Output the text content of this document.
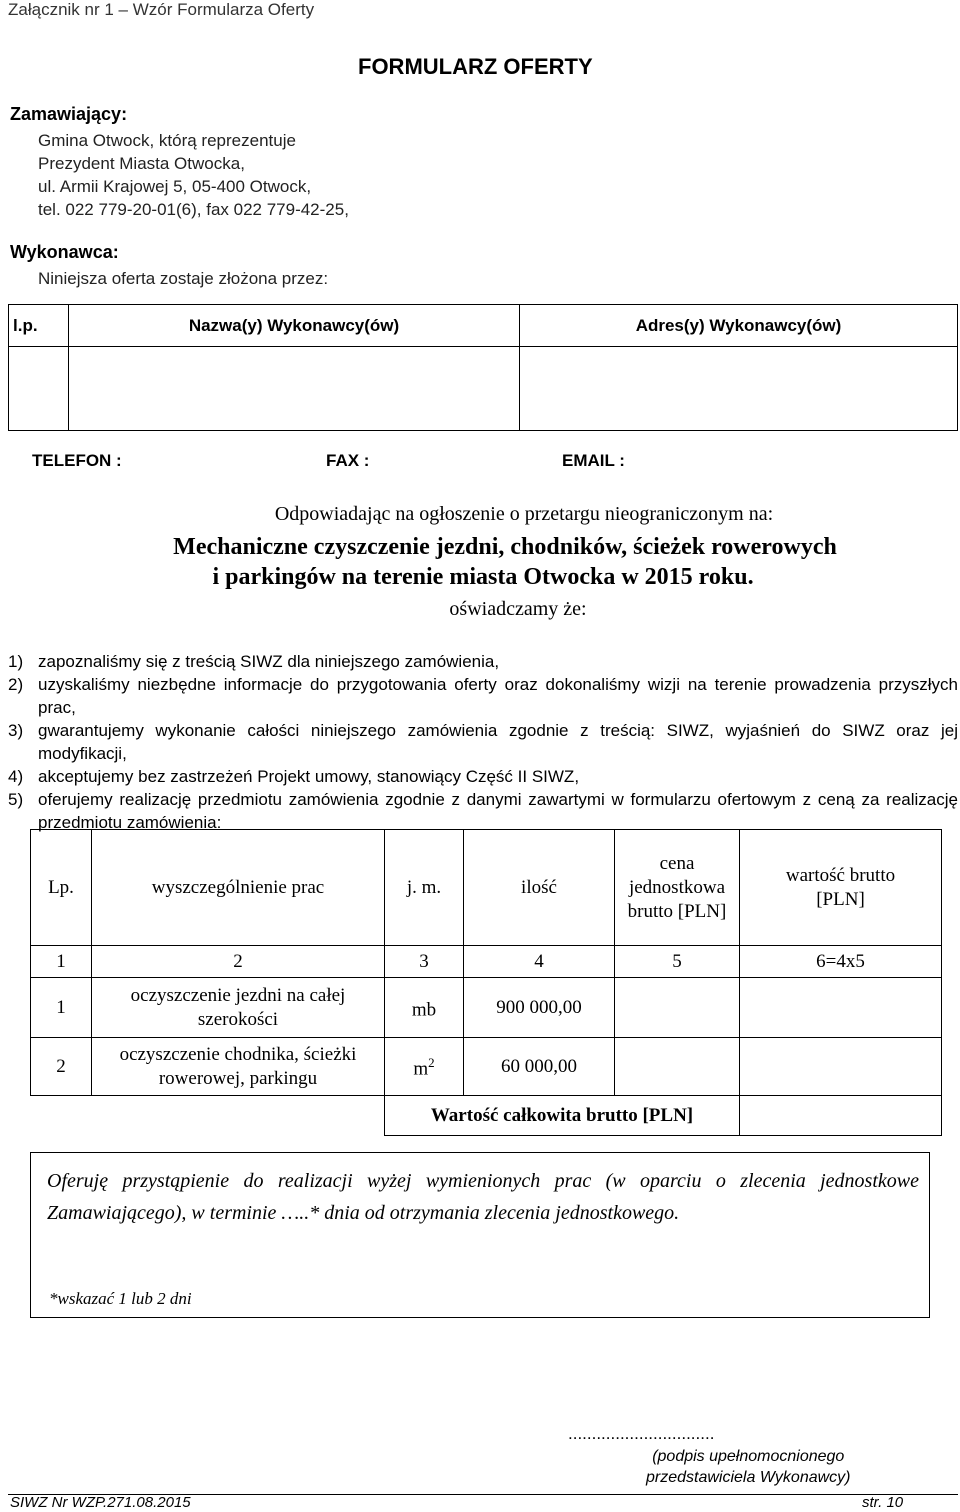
Załącznik nr 1 – Wzór Formularza Oferty
FORMULARZ OFERTY
Zamawiający:
Gmina Otwock, którą reprezentuje
Prezydent Miasta Otwocka,
ul. Armii Krajowej 5, 05-400 Otwock,
tel. 022 779-20-01(6), fax 022 779-42-25,
Wykonawca:
Niniejsza oferta zostaje złożona przez:
l.p.	Nazwa(y) Wykonawcy(ów)	Adres(y) Wykonawcy(ów)

TELEFON :	FAX :	EMAIL :
Odpowiadając na ogłoszenie o przetargu nieograniczonym na:
Mechaniczne czyszczenie jezdni, chodników, ścieżek rowerowych
i parkingów na terenie miasta Otwocka w 2015 roku.
oświadczamy że:
1) zapoznaliśmy się z treścią SIWZ dla niniejszego zamówienia,
2) uzyskaliśmy niezbędne informacje do przygotowania oferty oraz dokonaliśmy wizji na terenie prowadzenia przyszłych prac,
3) gwarantujemy wykonanie całości niniejszego zamówienia zgodnie z treścią: SIWZ, wyjaśnień do SIWZ oraz jej modyfikacji,
4) akceptujemy bez zastrzeżeń Projekt umowy, stanowiący Część II SIWZ,
5) oferujemy realizację przedmiotu zamówienia zgodnie z danymi zawartymi w formularzu ofertowym z ceną za realizację przedmiotu zamówienia:
Lp.	wyszczególnienie prac	j. m.	ilość	cena jednostkowa brutto [PLN]	wartość brutto [PLN]
1	2	3	4	5	6=4x5
1	oczyszczenie jezdni na całej szerokości	mb	900 000,00		
2	oczyszczenie chodnika, ścieżki rowerowej, parkingu	$m^2$	60 000,00		
		Wartość całkowita brutto [PLN]			
Oferuję przystąpienie do realizacji wyżej wymienionych prac (w oparciu o zlecenia jednostkowe Zamawiającego), w terminie …..* dnia od otrzymania zlecenia jednostkowego.
*wskazać 1 lub 2 dni
...............................
(podpis upełnomocnionego
przedstawiciela Wykonawcy)
SIWZ Nr WZP.271.08.2015	str. 10
